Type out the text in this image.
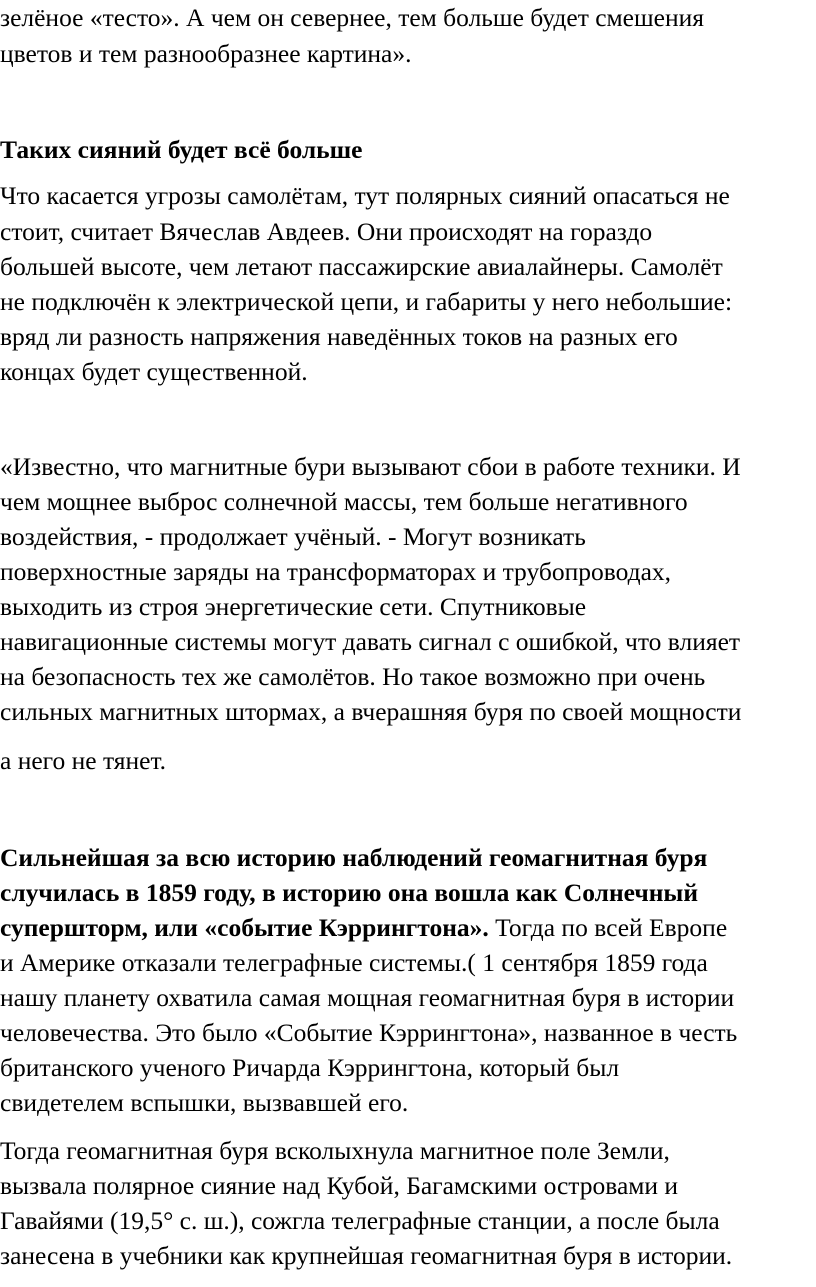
зелёное «тесто». А чем он севернее, тем больше будет смешения
цветов и тем разнообразнее картина».
Таких сияний будет всё больше
Что касается угрозы самолётам, тут полярных сияний опасаться не
стоит, считает Вячеслав Авдеев. Они происходят на гораздо
большей высоте, чем летают пассажирские авиалайнеры. Самолёт
не подключён к электрической цепи, и габариты у него небольшие:
вряд ли разность напряжения наведённых токов на разных его
концах будет существенной.
«Известно, что магнитные бури вызывают сбои в работе техники. И
чем мощнее выброс солнечной массы, тем больше негативного
воздействия, - продолжает учёный. - Могут возникать
поверхностные заряды на трансформаторах и трубопроводах,
выходить из строя энергетические сети. Спутниковые
навигационные системы могут давать сигнал с ошибкой, что влияет
на безопасность тех же самолётов. Но такое возможно при очень
сильных магнитных штормах, а вчерашняя буря по своей мощности
а него не тянет.
Сильнейшая за всю историю наблюдений геомагнитная буря
случилась в 1859 году, в историю она вошла как Солнечный
супершторм, или «событие Кэррингтона». Тогда по всей Европе
и Америке отказали телеграфные системы.( 1 сентября 1859 года
нашу планету охватила самая мощная геомагнитная буря в истории
человечества. Это было «Событие Кэррингтона», названное в честь
британского ученого Ричарда Кэррингтона, который был
свидетелем вспышки, вызвавшей его.
Тогда геомагнитная буря всколыхнула магнитное поле Земли,
вызвала полярное сияние над Кубой, Багамскими островами и
Гавайями (19,5° с. ш.), сожгла телеграфные станции, а после была
занесена в учебники как крупнейшая геомагнитная буря в истории.
